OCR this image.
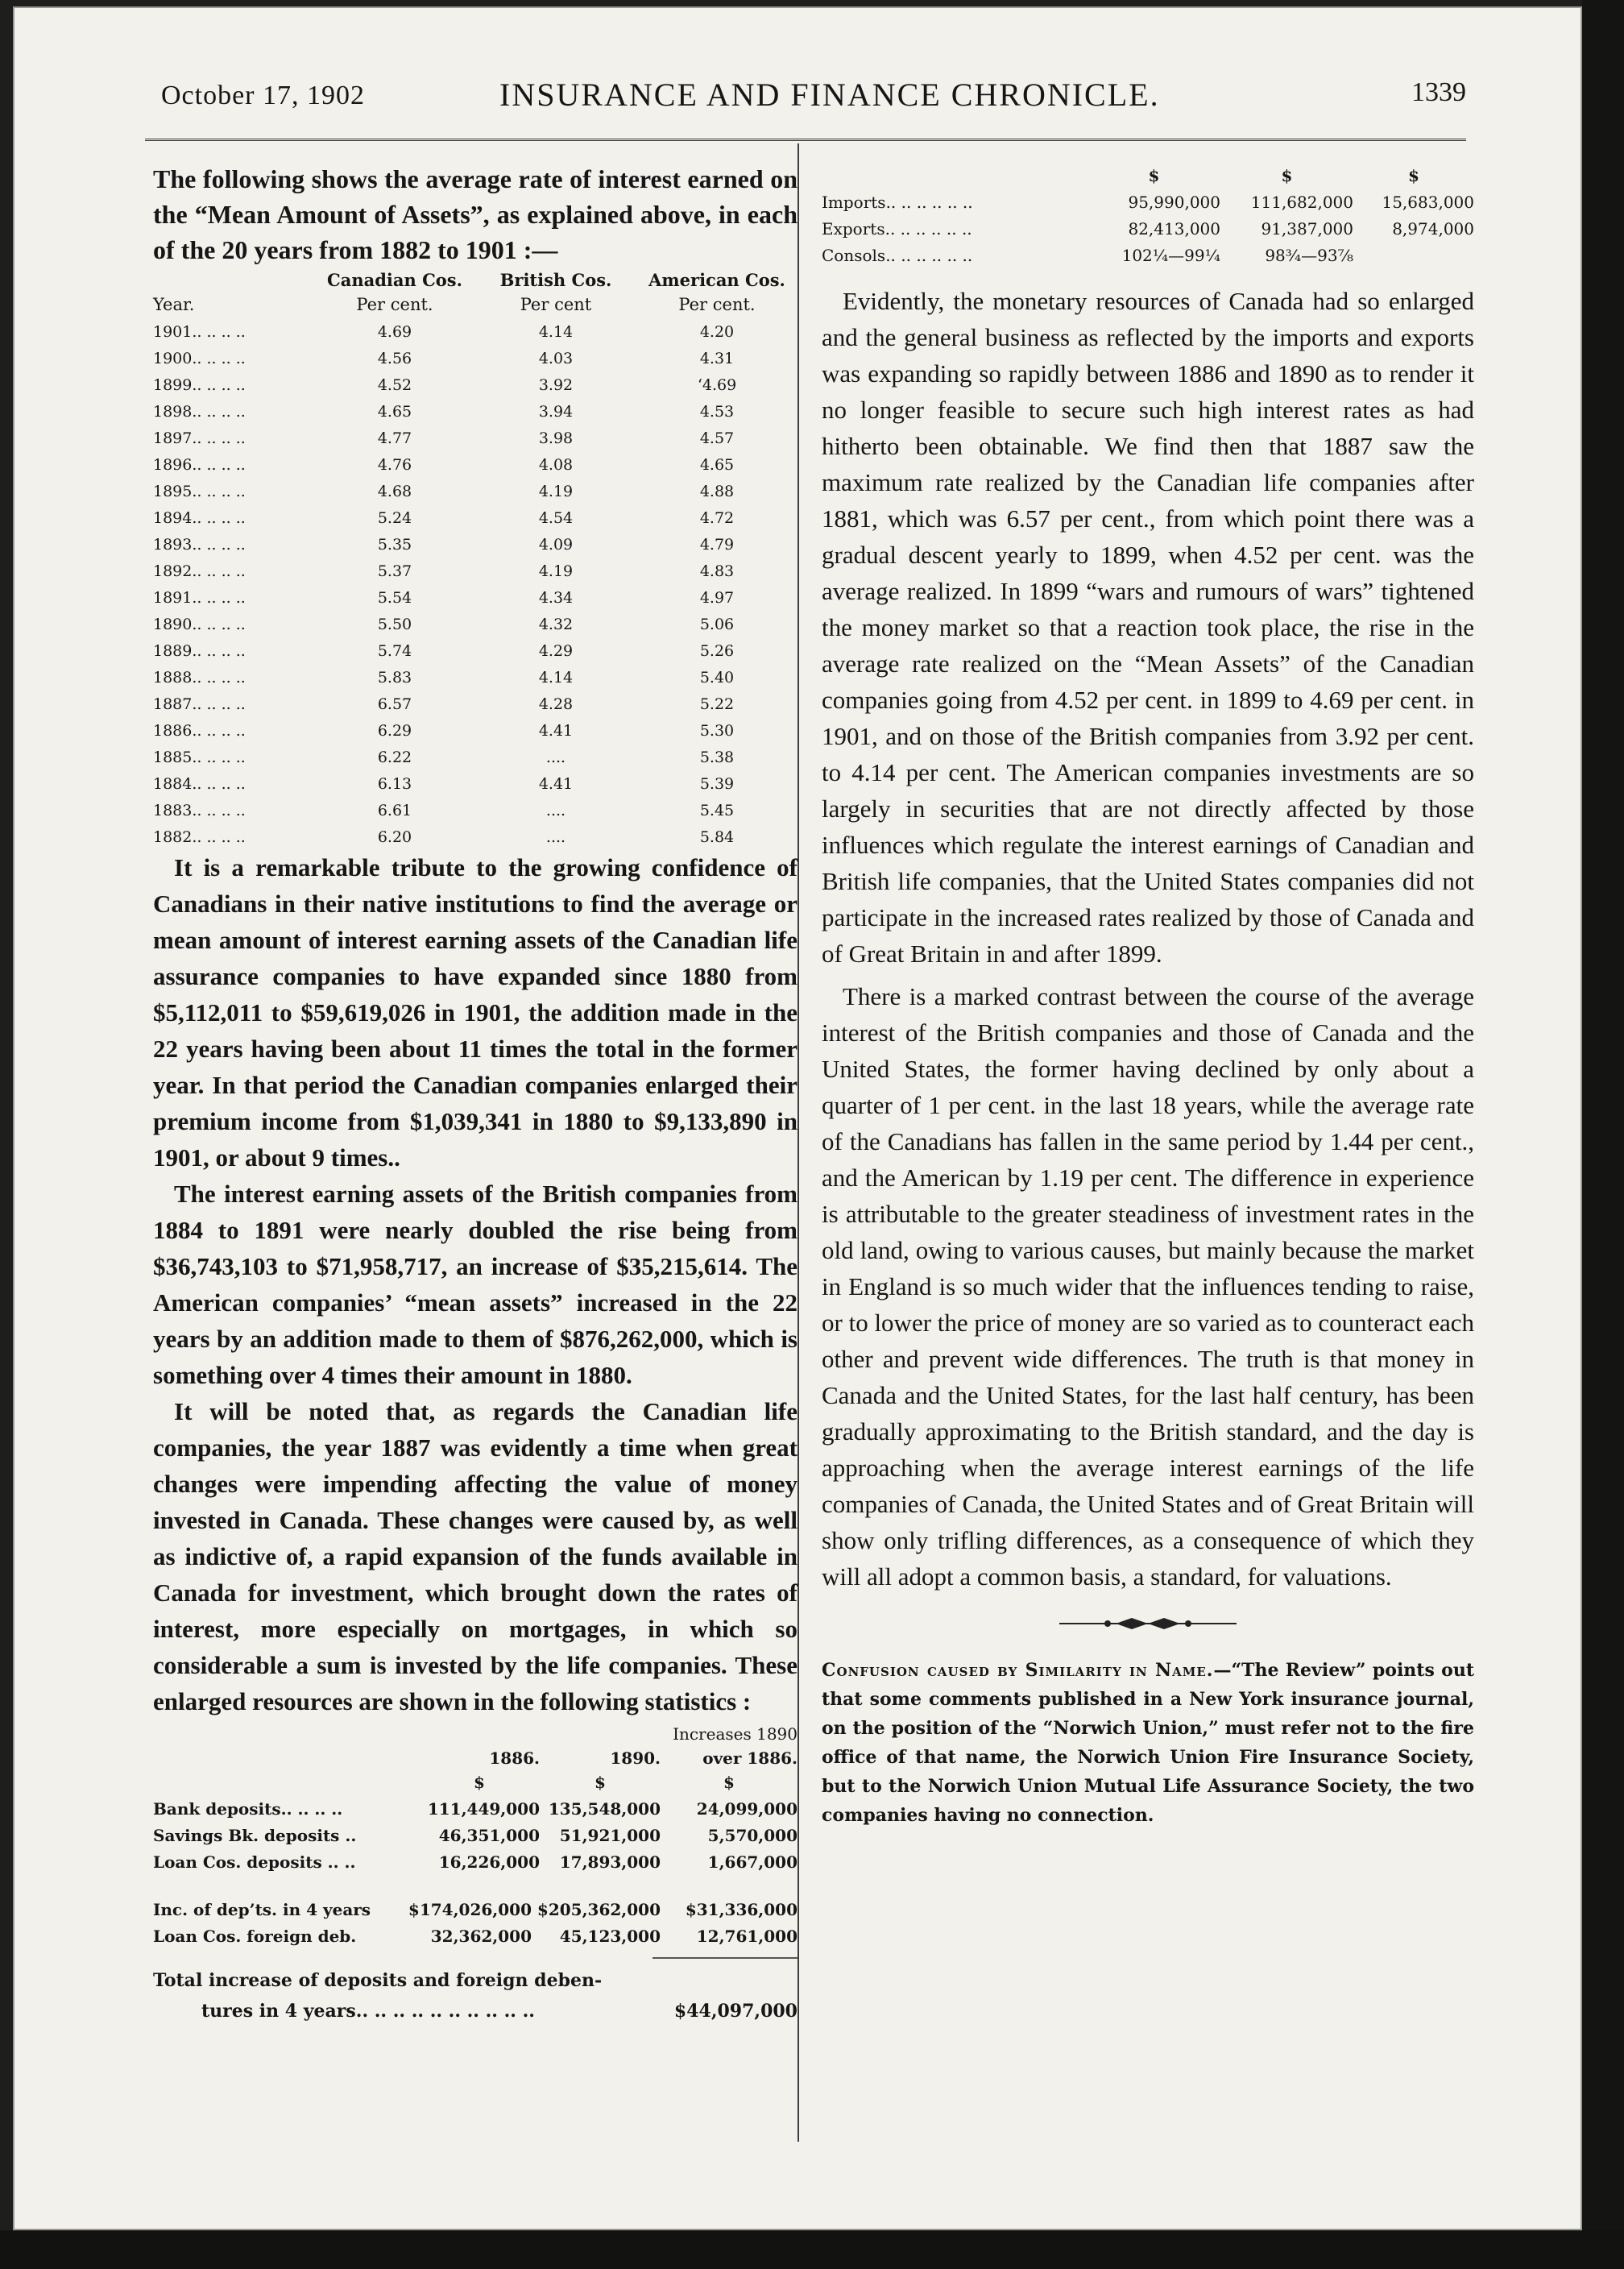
October 17, 1902	INSURANCE AND FINANCE CHRONICLE.	1339

The following shows the average rate of interest earned on the “Mean Amount of Assets”, as explained above, in each of the 20 years from 1882 to 1901 :—

Canadian Cos.	British Cos.	American Cos.
Year.	Per cent.	Per cent	Per cent.
1901.. .. .. ..	4.69	4.14	4.20
1900.. .. .. ..	4.56	4.03	4.31
1899.. .. .. ..	4.52	3.92	‘4.69
1898.. .. .. ..	4.65	3.94	4.53
1897.. .. .. ..	4.77	3.98	4.57
1896.. .. .. ..	4.76	4.08	4.65
1895.. .. .. ..	4.68	4.19	4.88
1894.. .. .. ..	5.24	4.54	4.72
1893.. .. .. ..	5.35	4.09	4.79
1892.. .. .. ..	5.37	4.19	4.83
1891.. .. .. ..	5.54	4.34	4.97
1890.. .. .. ..	5.50	4.32	5.06
1889.. .. .. ..	5.74	4.29	5.26
1888.. .. .. ..	5.83	4.14	5.40
1887.. .. .. ..	6.57	4.28	5.22
1886.. .. .. ..	6.29	4.41	5.30
1885.. .. .. ..	6.22	....	5.38
1884.. .. .. ..	6.13	4.41	5.39
1883.. .. .. ..	6.61	....	5.45
1882.. .. .. ..	6.20	....	5.84

It is a remarkable tribute to the growing confidence of Canadians in their native institutions to find the average or mean amount of interest earning assets of the Canadian life assurance companies to have expanded since 1880 from $5,112,011 to $59,619,026 in 1901, the addition made in the 22 years having been about 11 times the total in the former year. In that period the Canadian companies enlarged their premium income from $1,039,341 in 1880 to $9,133,890 in 1901, or about 9 times..

The interest earning assets of the British companies from 1884 to 1891 were nearly doubled the rise being from $36,743,103 to $71,958,717, an increase of $35,215,614. The American companies’ “mean assets” increased in the 22 years by an addition made to them of $876,262,000, which is something over 4 times their amount in 1880.

It will be noted that, as regards the Canadian life companies, the year 1887 was evidently a time when great changes were impending affecting the value of money invested in Canada. These changes were caused by, as well as indictive of, a rapid expansion of the funds available in Canada for investment, which brought down the rates of interest, more especially on mortgages, in which so considerable a sum is invested by the life companies. These enlarged resources are shown in the following statistics :

Increases 1890
1886.	1890.	over 1886.
$	$	$
Bank deposits.. .. .. ..	111,449,000 135,548,000	24,099,000
Savings Bk. deposits ..	46,351,000	51,921,000	5,570,000
Loan Cos. deposits .. ..	16,226,000	17,893,000	1,667,000
Inc. of dep’ts. in 4 years	$174,026,000 $205,362,000	$31,336,000
Loan Cos. foreign deb.	32,362,000	45,123,000	12,761,000
Total increase of deposits and foreign deben-
tures in 4 years.. .. .. .. .. .. .. .. .. ..	$44,097,000
$	$	$
Imports.. .. .. .. .. ..	95,990,000	111,682,000	15,683,000
Exports.. .. .. .. .. ..	82,413,000	91,387,000	8,974,000
Consols.. .. .. .. .. ..	102¼—99¼	98¾—93⅞

Evidently, the monetary resources of Canada had so enlarged and the general business as reflected by the imports and exports was expanding so rapidly between 1886 and 1890 as to render it no longer feasible to secure such high interest rates as had hitherto been obtainable. We find then that 1887 saw the maximum rate realized by the Canadian life companies after 1881, which was 6.57 per cent., from which point there was a gradual descent yearly to 1899, when 4.52 per cent. was the average realized. In 1899 “wars and rumours of wars” tightened the money market so that a reaction took place, the rise in the average rate realized on the “Mean Assets” of the Canadian companies going from 4.52 per cent. in 1899 to 4.69 per cent. in 1901, and on those of the British companies from 3.92 per cent. to 4.14 per cent. The American companies investments are so largely in securities that are not directly affected by those influences which regulate the interest earnings of Canadian and British life companies, that the United States companies did not participate in the increased rates realized by those of Canada and of Great Britain in and after 1899.

There is a marked contrast between the course of the average interest of the British companies and those of Canada and the United States, the former having declined by only about a quarter of 1 per cent. in the last 18 years, while the average rate of the Canadians has fallen in the same period by 1.44 per cent., and the American by 1.19 per cent. The difference in experience is attributable to the greater steadiness of investment rates in the old land, owing to various causes, but mainly because the market in England is so much wider that the influences tending to raise, or to lower the price of money are so varied as to counteract each other and prevent wide differences. The truth is that money in Canada and the United States, for the last half century, has been gradually approximating to the British standard, and the day is approaching when the average interest earnings of the life companies of Canada, the United States and of Great Britain will show only trifling differences, as a consequence of which they will all adopt a common basis, a standard, for valuations.

Confusion caused by Similarity in Name.—“The Review” points out that some comments published in a New York insurance journal, on the position of the “Norwich Union,” must refer not to the fire office of that name, the Norwich Union Fire Insurance Society, but to the Norwich Union Mutual Life Assurance Society, the two companies having no connection.
